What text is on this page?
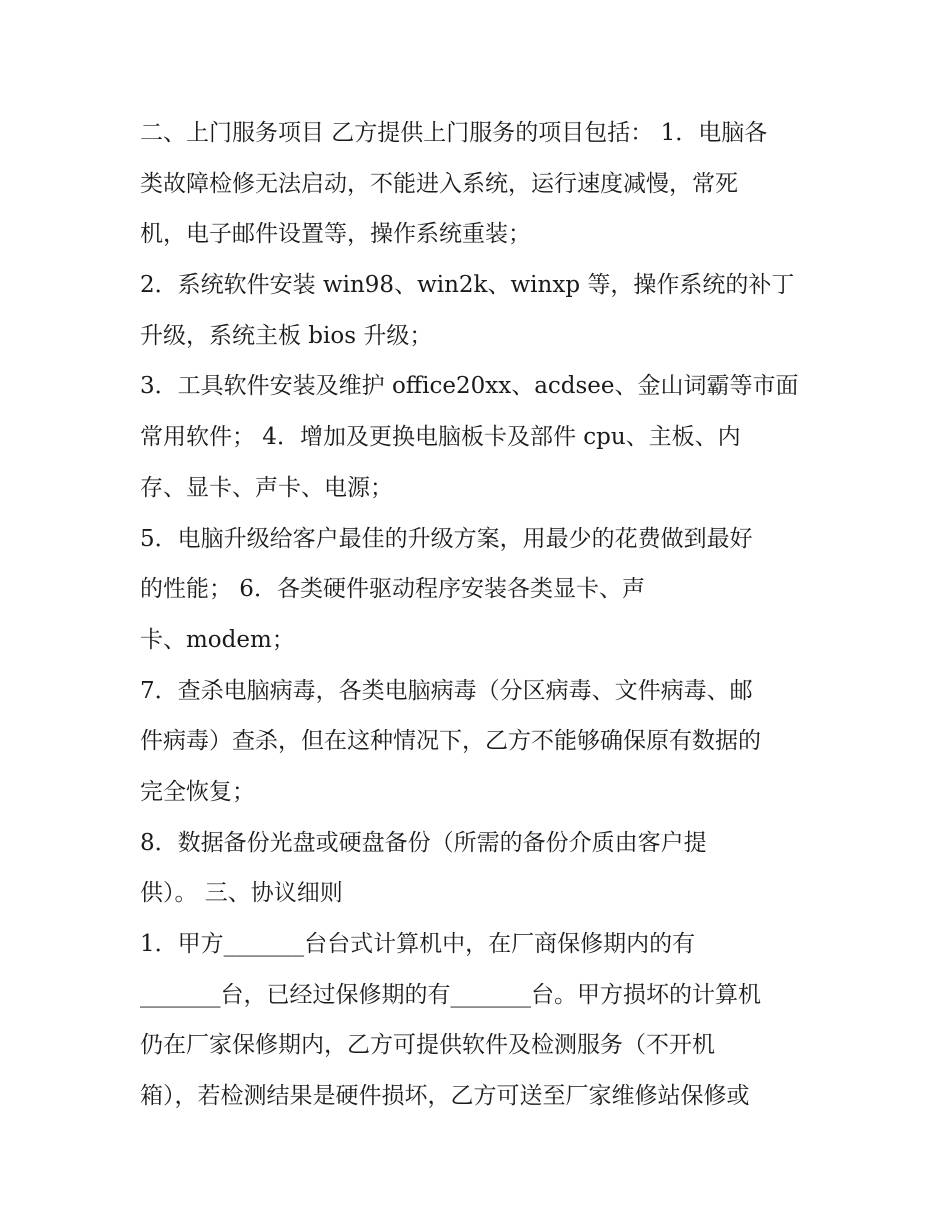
二、上门服务项目 乙方提供上门服务的项目包括： 1．电脑各
类故障检修无法启动，不能进入系统，运行速度减慢，常死
机，电子邮件设置等，操作系统重装；
2．系统软件安装 win98、win2k、winxp 等，操作系统的补丁
升级，系统主板 bios 升级；
3．工具软件安装及维护 office20xx、acdsee、金山词霸等市面
常用软件； 4．增加及更换电脑板卡及部件 cpu、主板、内
存、显卡、声卡、电源；
5．电脑升级给客户最佳的升级方案，用最少的花费做到最好
的性能； 6．各类硬件驱动程序安装各类显卡、声
卡、modem；
7．查杀电脑病毒，各类电脑病毒（分区病毒、文件病毒、邮
件病毒）查杀，但在这种情况下，乙方不能够确保原有数据的
完全恢复；
8．数据备份光盘或硬盘备份（所需的备份介质由客户提
供）。 三、协议细则
1．甲方_______台台式计算机中，在厂商保修期内的有
_______台，已经过保修期的有_______台。甲方损坏的计算机
仍在厂家保修期内，乙方可提供软件及检测服务（不开机
箱），若检测结果是硬件损坏，乙方可送至厂家维修站保修或
